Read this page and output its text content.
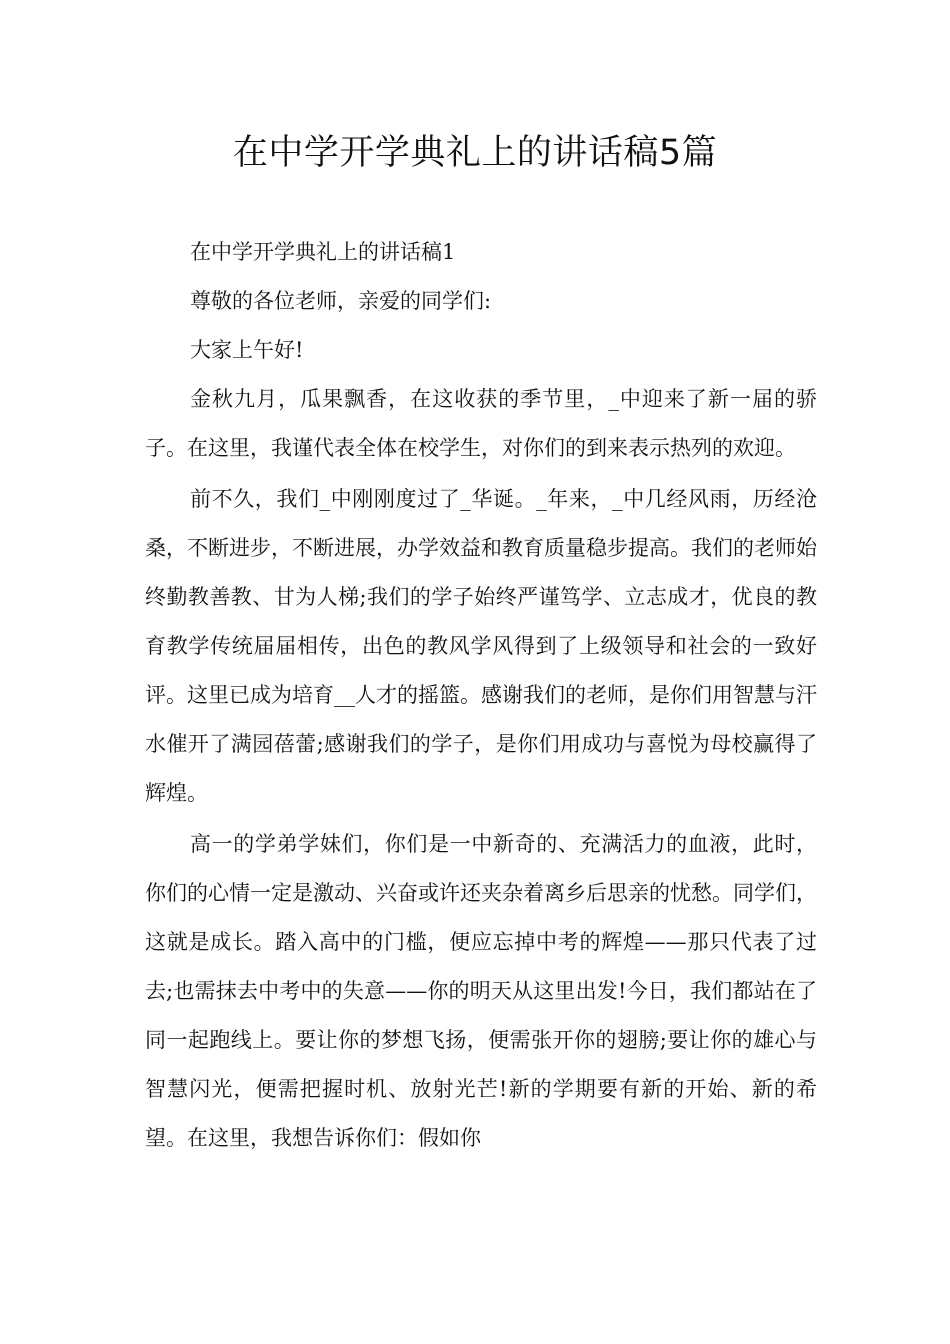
在中学开学典礼上的讲话稿5篇

在中学开学典礼上的讲话稿1

尊敬的各位老师，亲爱的同学们:

大家上午好!

金秋九月，瓜果飘香，在这收获的季节里，_中迎来了新一届的骄子。在这里，我谨代表全体在校学生，对你们的到来表示热列的欢迎。

前不久，我们_中刚刚度过了_华诞。_年来，_中几经风雨，历经沧桑，不断进步，不断进展，办学效益和教育质量稳步提高。我们的老师始终勤教善教、甘为人梯;我们的学子始终严谨笃学、立志成才，优良的教育教学传统届届相传，出色的教风学风得到了上级领导和社会的一致好评。这里已成为培育__人才的摇篮。感谢我们的老师，是你们用智慧与汗水催开了满园蓓蕾;感谢我们的学子，是你们用成功与喜悦为母校赢得了辉煌。

高一的学弟学妹们，你们是一中新奇的、充满活力的血液，此时，你们的心情一定是激动、兴奋或许还夹杂着离乡后思亲的忧愁。同学们，这就是成长。踏入高中的门槛，便应忘掉中考的辉煌——那只代表了过去;也需抹去中考中的失意——你的明天从这里出发!今日，我们都站在了同一起跑线上。要让你的梦想飞扬，便需张开你的翅膀;要让你的雄心与智慧闪光，便需把握时机、放射光芒!新的学期要有新的开始、新的希望。在这里，我想告诉你们：假如你
